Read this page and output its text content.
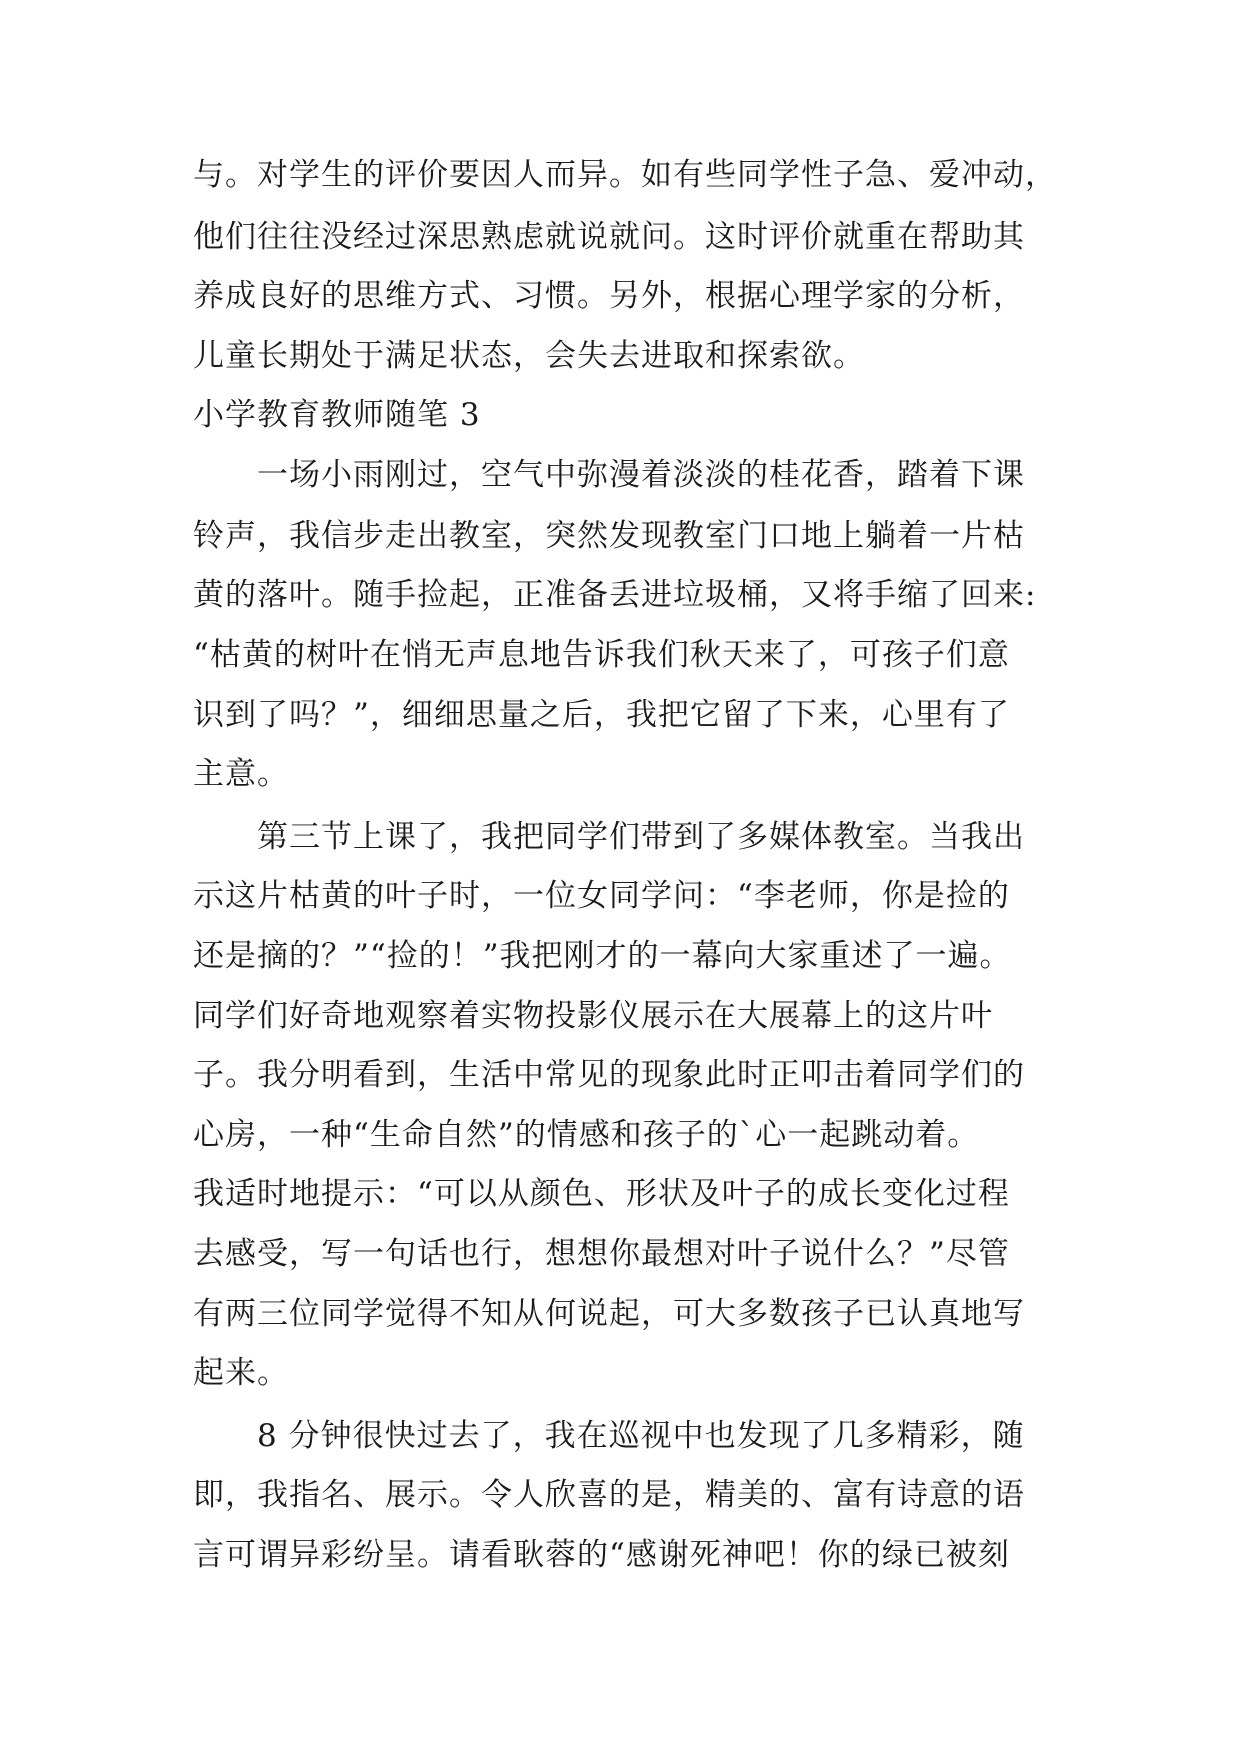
与。对学生的评价要因人而异。如有些同学性子急、爱冲动，
他们往往没经过深思熟虑就说就问。这时评价就重在帮助其
养成良好的思维方式、习惯。另外，根据心理学家的分析，
儿童长期处于满足状态，会失去进取和探索欲。
小学教育教师随笔 3
一场小雨刚过，空气中弥漫着淡淡的桂花香，踏着下课
铃声，我信步走出教室，突然发现教室门口地上躺着一片枯
黄的落叶。随手捡起，正准备丢进垃圾桶，又将手缩了回来:
“枯黄的树叶在悄无声息地告诉我们秋天来了，可孩子们意
识到了吗？”，细细思量之后，我把它留了下来，心里有了
主意。
第三节上课了，我把同学们带到了多媒体教室。当我出
示这片枯黄的叶子时，一位女同学问：“李老师，你是捡的
还是摘的？”“捡的！”我把刚才的一幕向大家重述了一遍。
同学们好奇地观察着实物投影仪展示在大展幕上的这片叶
子。我分明看到，生活中常见的现象此时正叩击着同学们的
心房，一种“生命自然”的情感和孩子的`心一起跳动着。
我适时地提示：“可以从颜色、形状及叶子的成长变化过程
去感受，写一句话也行，想想你最想对叶子说什么？”尽管
有两三位同学觉得不知从何说起，可大多数孩子已认真地写
起来。
8 分钟很快过去了，我在巡视中也发现了几多精彩，随
即，我指名、展示。令人欣喜的是，精美的、富有诗意的语
言可谓异彩纷呈。请看耿蓉的“感谢死神吧！你的绿已被刻
